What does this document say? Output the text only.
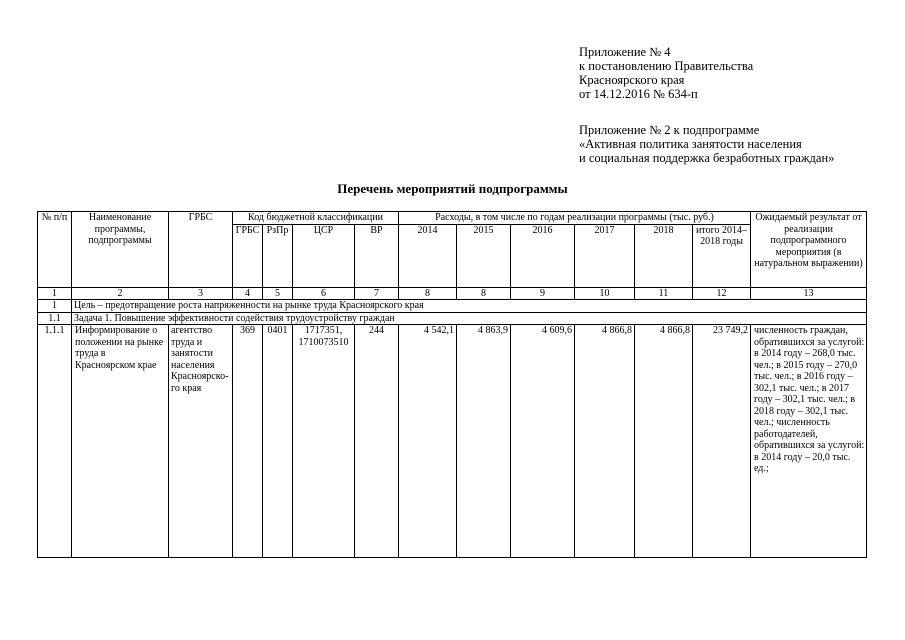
Приложение № 4
к постановлению Правительства
Красноярского края
от 14.12.2016 № 634-п
Приложение № 2 к подпрограмме
«Активная политика занятости населения
и социальная поддержка безработных граждан»
Перечень мероприятий подпрограммы
№ п/п	Наименование программы, подпрограммы	ГРБС	Код бюджетной классификации				Расходы, в том числе по годам реализации программы (тыс. руб.)						Ожидаемый результат от реализации подпрограммного мероприятия (в натуральном выражении)
			ГРБС	РзПр	ЦСР	ВР	2014	2015	2016	2017	2018	итого 2014–2018 годы	
1	2	3	4	5	6	7	8	8	9	10	11	12	13
1	Цель – предотвращение роста напряженности на рынке труда Красноярского края												
1.1	Задача 1. Повышение эффективности содействия трудоустройству граждан												
1.1.1	Информирование о положении на рынке труда в Красноярском крае	агентство труда и занятости населения Красноярско-го края	369	0401	1717351, 1710073510	244	4 542,1	4 863,9	4 609,6	4 866,8	4 866,8	23 749,2	численность граждан, обратившихся за услугой: в 2014 году – 268,0 тыс. чел.; в 2015 году – 270,0 тыс. чел.; в 2016 году – 302,1 тыс. чел.; в 2017 году – 302,1 тыс. чел.; в 2018 году – 302,1 тыс. чел.; численность работодателей, обратившихся за услугой: в 2014 году – 20,0 тыс. ед.;
